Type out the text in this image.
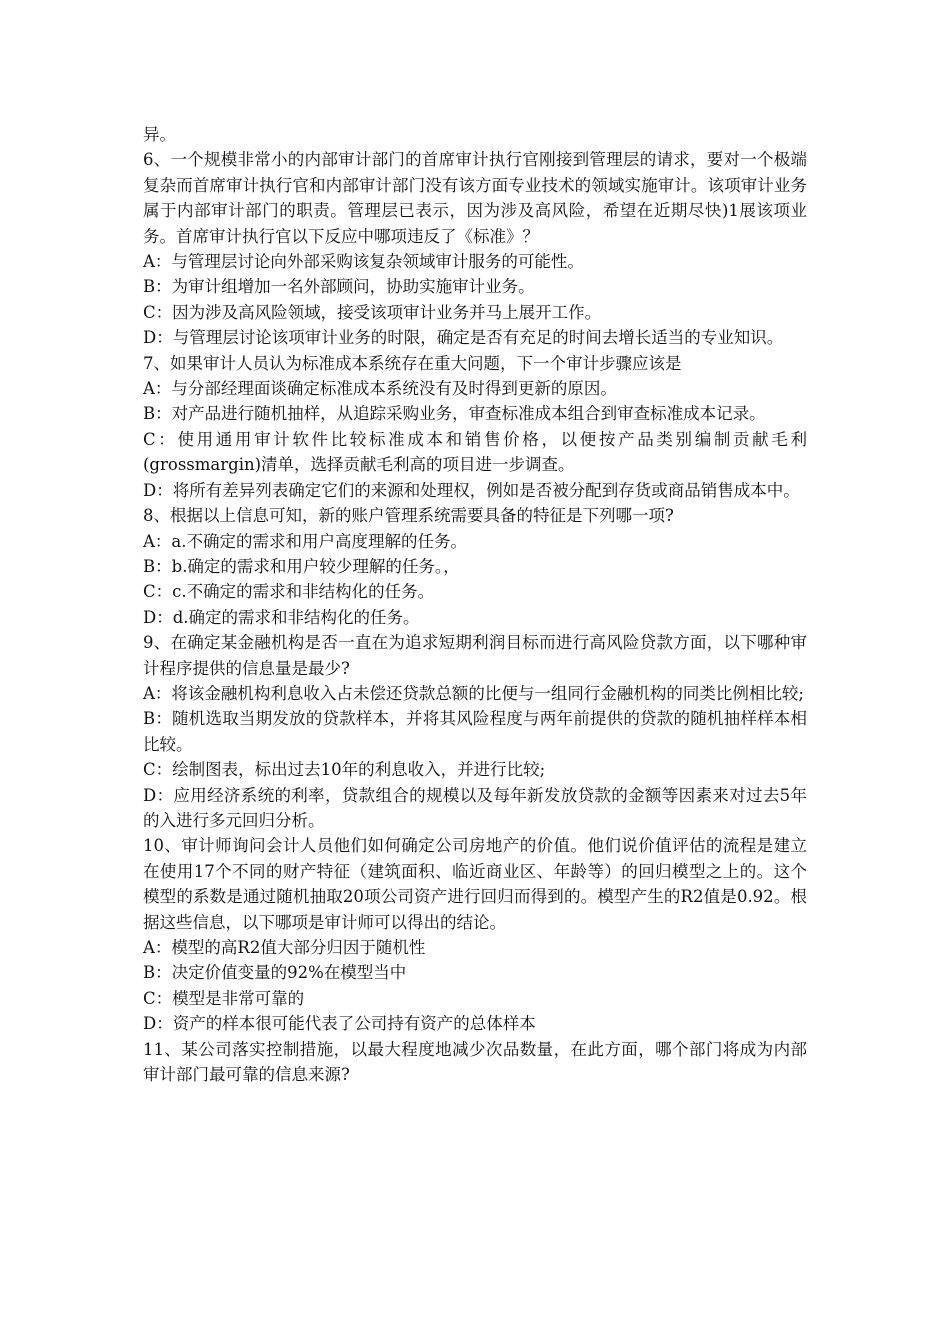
异。

6、一个规模非常小的内部审计部门的首席审计执行官刚接到管理层的请求，要对一个极端复杂而首席审计执行官和内部审计部门没有该方面专业技术的领域实施审计。该项审计业务属于内部审计部门的职责。管理层已表示，因为涉及高风险，希望在近期尽快)1展该项业务。首席审计执行官以下反应中哪项违反了《标准》？

A：与管理层讨论向外部采购该复杂领域审计服务的可能性。

B：为审计组增加一名外部顾问，协助实施审计业务。

C：因为涉及高风险领域，接受该项审计业务并马上展开工作。

D：与管理层讨论该项审计业务的时限，确定是否有充足的时间去增长适当的专业知识。

7、如果审计人员认为标准成本系统存在重大问题，下一个审计步骤应该是

A：与分部经理面谈确定标准成本系统没有及时得到更新的原因。

B：对产品进行随机抽样，从追踪采购业务，审查标准成本组合到审查标准成本记录。

C：使用通用审计软件比较标准成本和销售价格，以便按产品类别编制贡献毛利(grossmargin)清单，选择贡献毛利高的项目进一步调查。

D：将所有差异列表确定它们的来源和处理权，例如是否被分配到存货或商品销售成本中。

8、根据以上信息可知，新的账户管理系统需要具备的特征是下列哪一项?

A：a.不确定的需求和用户高度理解的任务。

B：b.确定的需求和用户较少理解的任务。，

C：c.不确定的需求和非结构化的任务。

D：d.确定的需求和非结构化的任务。

9、在确定某金融机构是否一直在为追求短期利润目标而进行高风险贷款方面，以下哪种审计程序提供的信息量是最少?

A：将该金融机构利息收入占未偿还贷款总额的比便与一组同行金融机构的同类比例相比较;

B：随机选取当期发放的贷款样本，并将其风险程度与两年前提供的贷款的随机抽样样本相比较。

C：绘制图表，标出过去10年的利息收入，并进行比较;

D：应用经济系统的利率，贷款组合的规模以及每年新发放贷款的金额等因素来对过去5年的入进行多元回归分析。

10、审计师询问会计人员他们如何确定公司房地产的价值。他们说价值评估的流程是建立在使用17个不同的财产特征（建筑面积、临近商业区、年龄等）的回归模型之上的。这个模型的系数是通过随机抽取20项公司资产进行回归而得到的。模型产生的R2值是0.92。根据这些信息，以下哪项是审计师可以得出的结论。

A：模型的高R2值大部分归因于随机性

B：决定价值变量的92%在模型当中

C：模型是非常可靠的

D：资产的样本很可能代表了公司持有资产的总体样本

11、某公司落实控制措施，以最大程度地减少次品数量，在此方面，哪个部门将成为内部审计部门最可靠的信息来源?
